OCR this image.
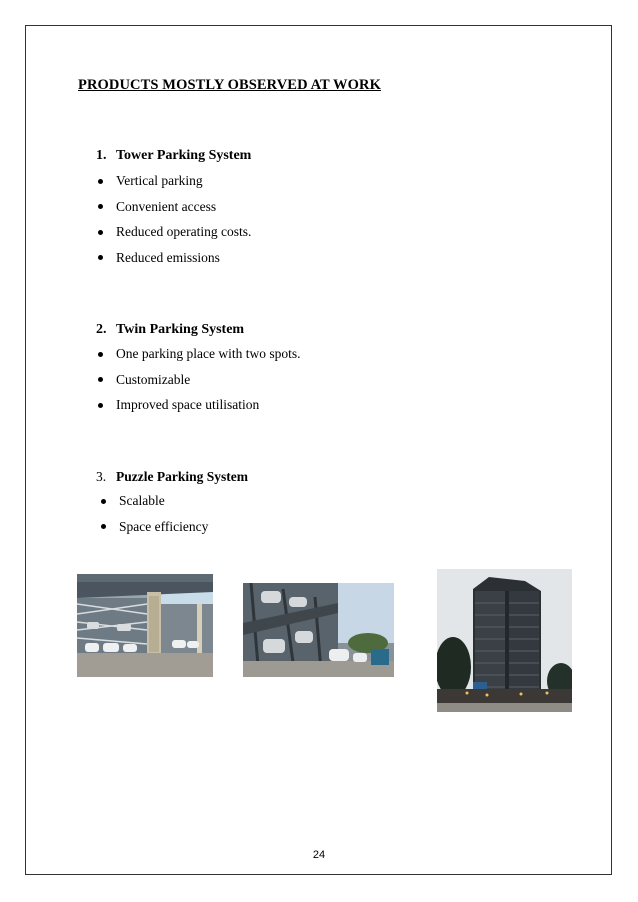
PRODUCTS MOSTLY OBSERVED AT WORK
1. Tower Parking System
Vertical parking
Convenient access
Reduced operating costs.
Reduced emissions
2. Twin Parking System
One parking place with two spots.
Customizable
Improved space utilisation
3. Puzzle Parking System
Scalable
Space efficiency
24
